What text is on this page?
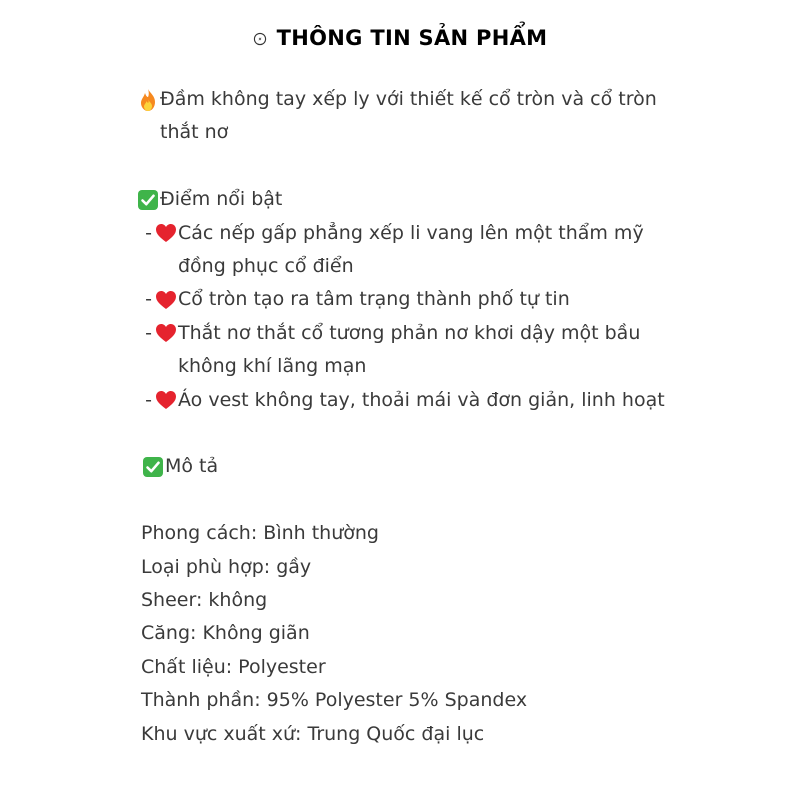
THÔNG TIN SẢN PHẨM
Đầm không tay xếp ly với thiết kế cổ tròn và cổ tròn thắt nơ
Điểm nổi bật
- Các nếp gấp phẳng xếp li vang lên một thẩm mỹ đồng phục cổ điển
- Cổ tròn tạo ra tâm trạng thành phố tự tin
- Thắt nơ thắt cổ tương phản nơ khơi dậy một bầu không khí lãng mạn
- Áo vest không tay, thoải mái và đơn giản, linh hoạt
Mô tả
Phong cách: Bình thường
Loại phù hợp: gầy
Sheer: không
Căng: Không giãn
Chất liệu: Polyester
Thành phần: 95% Polyester 5% Spandex
Khu vực xuất xứ: Trung Quốc đại lục
